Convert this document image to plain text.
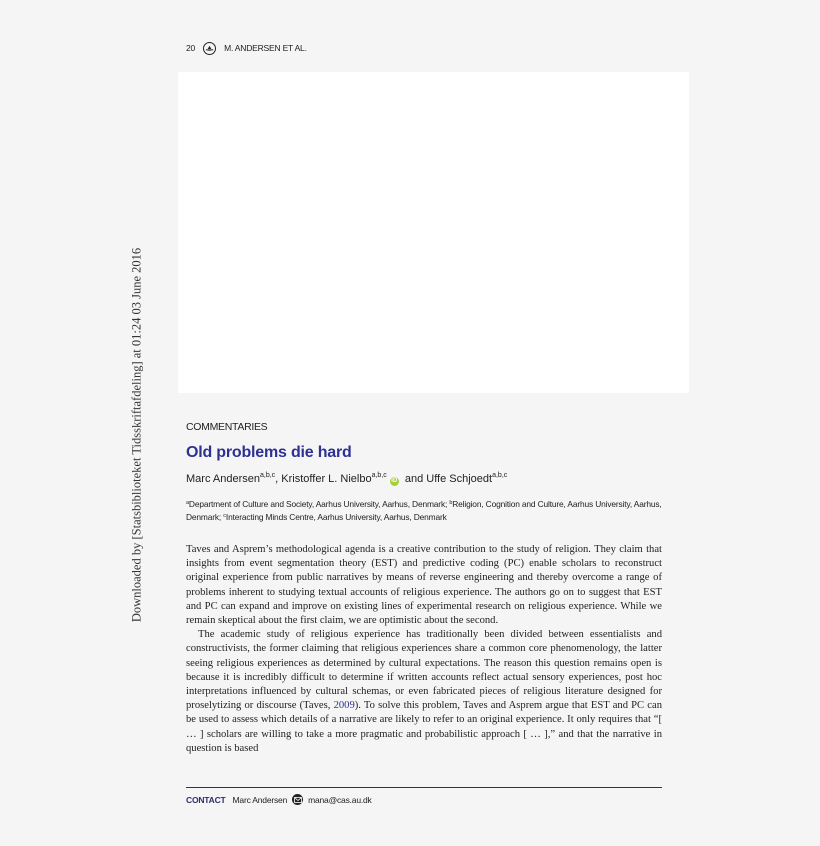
Downloaded by [Statsbiblioteket Tidsskriftafdeling] at 01:24 03 June 2016
20	M. ANDERSEN ET AL.
COMMENTARIES
Old problems die hard
Marc Andersen$^{a,b,c}$, Kristoffer L. Nielbo$^{a,b,c}$iD and Uffe Schjoedt$^{a,b,c}$
$^a$Department of Culture and Society, Aarhus University, Aarhus, Denmark; $^b$Religion, Cognition and Culture, Aarhus University, Aarhus, Denmark; $^c$Interacting Minds Centre, Aarhus University, Aarhus, Denmark

Taves and Asprem’s methodological agenda is a creative contribution to the study of religion. They claim that insights from event segmentation theory (EST) and predictive coding (PC) enable scholars to reconstruct original experience from public narratives by means of reverse engineering and thereby overcome a range of problems inherent to studying textual accounts of religious experience. The authors go on to suggest that EST and PC can expand and improve on existing lines of experimental research on religious experience. While we remain skeptical about the first claim, we are optimistic about the second.

The academic study of religious experience has traditionally been divided between essentialists and constructivists, the former claiming that religious experiences share a common core phenomenology, the latter seeing religious experiences as determined by cultural expectations. The reason this question remains open is because it is incredibly difficult to determine if written accounts reflect actual sensory experiences, post hoc interpretations influenced by cultural schemas, or even fabricated pieces of religious literature designed for proselytizing or discourse (Taves, 2009). To solve this problem, Taves and Asprem argue that EST and PC can be used to assess which details of a narrative are likely to refer to an original experience. It only requires that “[ … ] scholars are willing to take a more pragmatic and probabilistic approach [ … ],” and that the narrative in question is based

CONTACT Marc Andersen mana@cas.au.dk
